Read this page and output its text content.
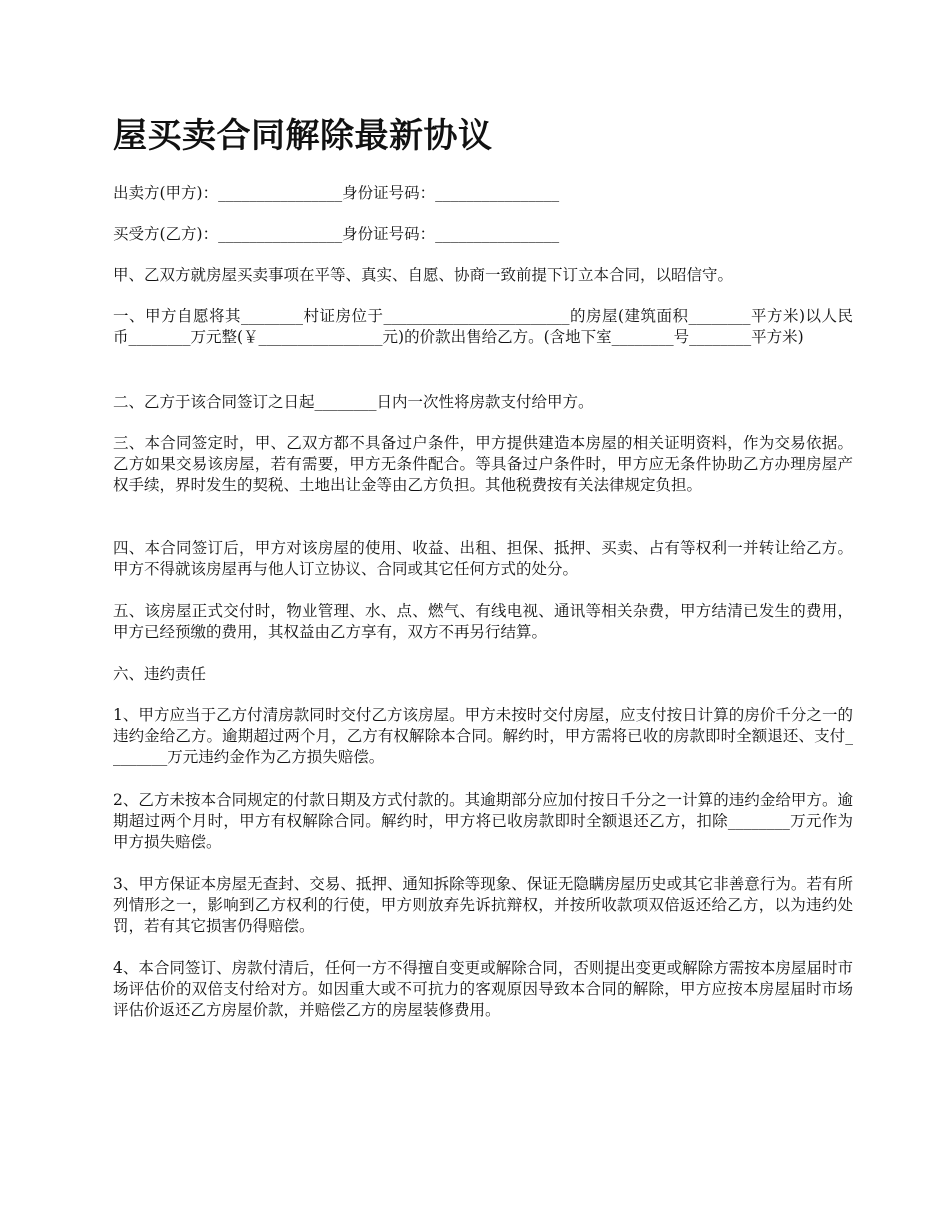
屋买卖合同解除最新协议

出卖方(甲方)：________________身份证号码：________________

买受方(乙方)：________________身份证号码：________________

甲、乙双方就房屋买卖事项在平等、真实、自愿、协商一致前提下订立本合同，以昭信守。

一、甲方自愿将其________村证房位于________________________的房屋(建筑面积________平方米)以人民币________万元整(￥________________元)的价款出售给乙方。(含地下室________号________平方米)

二、乙方于该合同签订之日起________日内一次性将房款支付给甲方。

三、本合同签定时，甲、乙双方都不具备过户条件，甲方提供建造本房屋的相关证明资料，作为交易依据。乙方如果交易该房屋，若有需要，甲方无条件配合。等具备过户条件时，甲方应无条件协助乙方办理房屋产权手续，界时发生的契税、土地出让金等由乙方负担。其他税费按有关法律规定负担。

四、本合同签订后，甲方对该房屋的使用、收益、出租、担保、抵押、买卖、占有等权利一并转让给乙方。甲方不得就该房屋再与他人订立协议、合同或其它任何方式的处分。

五、该房屋正式交付时，物业管理、水、点、燃气、有线电视、通讯等相关杂费，甲方结清已发生的费用，甲方已经预缴的费用，其权益由乙方享有，双方不再另行结算。

六、违约责任

1、甲方应当于乙方付清房款同时交付乙方该房屋。甲方未按时交付房屋，应支付按日计算的房价千分之一的违约金给乙方。逾期超过两个月，乙方有权解除本合同。解约时，甲方需将已收的房款即时全额退还、支付________万元违约金作为乙方损失赔偿。

2、乙方未按本合同规定的付款日期及方式付款的。其逾期部分应加付按日千分之一计算的违约金给甲方。逾期超过两个月时，甲方有权解除合同。解约时，甲方将已收房款即时全额退还乙方，扣除________万元作为甲方损失赔偿。

3、甲方保证本房屋无查封、交易、抵押、通知拆除等现象、保证无隐瞒房屋历史或其它非善意行为。若有所列情形之一，影响到乙方权利的行使，甲方则放弃先诉抗辩权，并按所收款项双倍返还给乙方，以为违约处罚，若有其它损害仍得赔偿。

4、本合同签订、房款付清后，任何一方不得擅自变更或解除合同，否则提出变更或解除方需按本房屋届时市场评估价的双倍支付给对方。如因重大或不可抗力的客观原因导致本合同的解除，甲方应按本房屋届时市场评估价返还乙方房屋价款，并赔偿乙方的房屋装修费用。
